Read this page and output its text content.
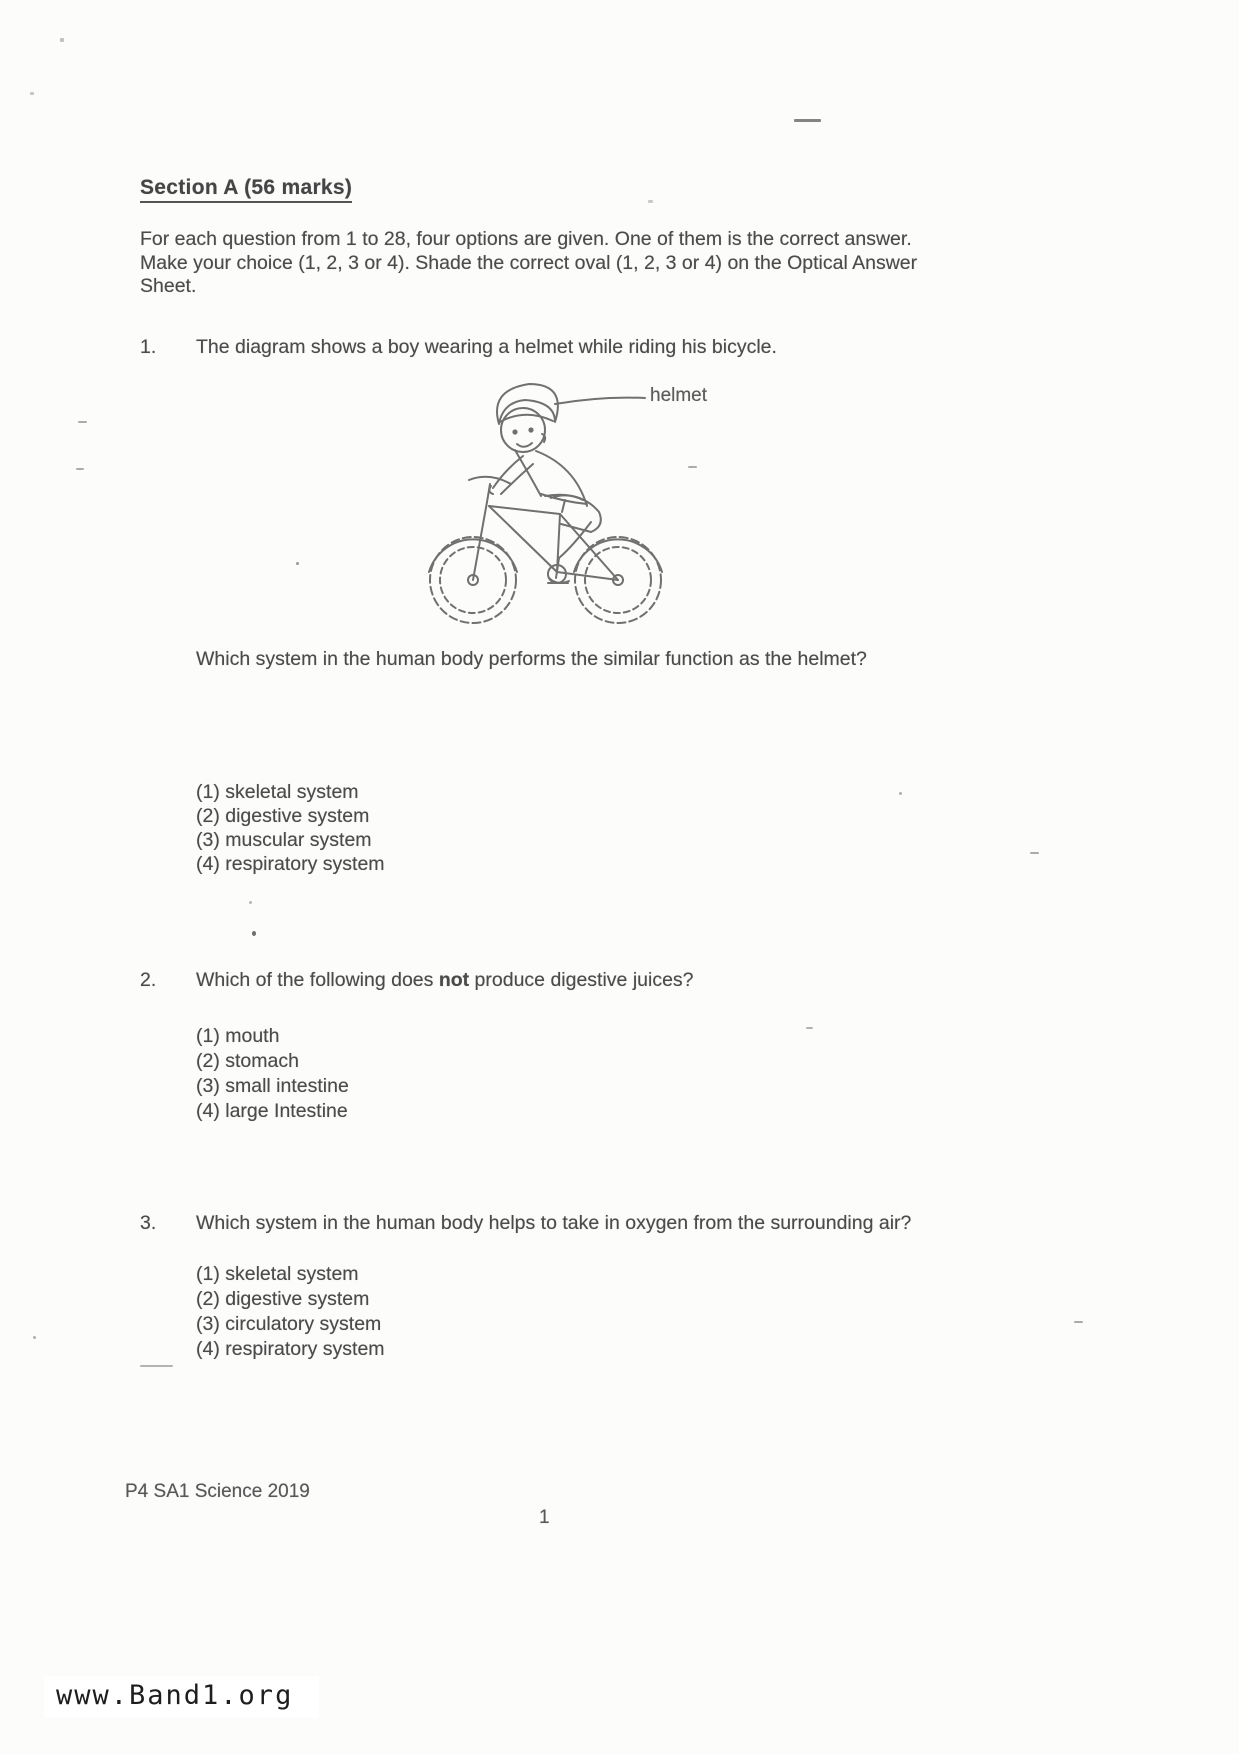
Section A (56 marks)
For each question from 1 to 28, four options are given. One of them is the correct answer.
Make your choice (1, 2, 3 or 4). Shade the correct oval (1, 2, 3 or 4) on the Optical Answer
Sheet.
1. The diagram shows a boy wearing a helmet while riding his bicycle.
helmet
Which system in the human body performs the similar function as the helmet?
(1) skeletal system
(2) digestive system
(3) muscular system
(4) respiratory system
2. Which of the following does not produce digestive juices?
(1) mouth
(2) stomach
(3) small intestine
(4) large Intestine
3. Which system in the human body helps to take in oxygen from the surrounding air?
(1) skeletal system
(2) digestive system
(3) circulatory system
(4) respiratory system
P4 SA1 Science 2019
1
www.Band1.org
